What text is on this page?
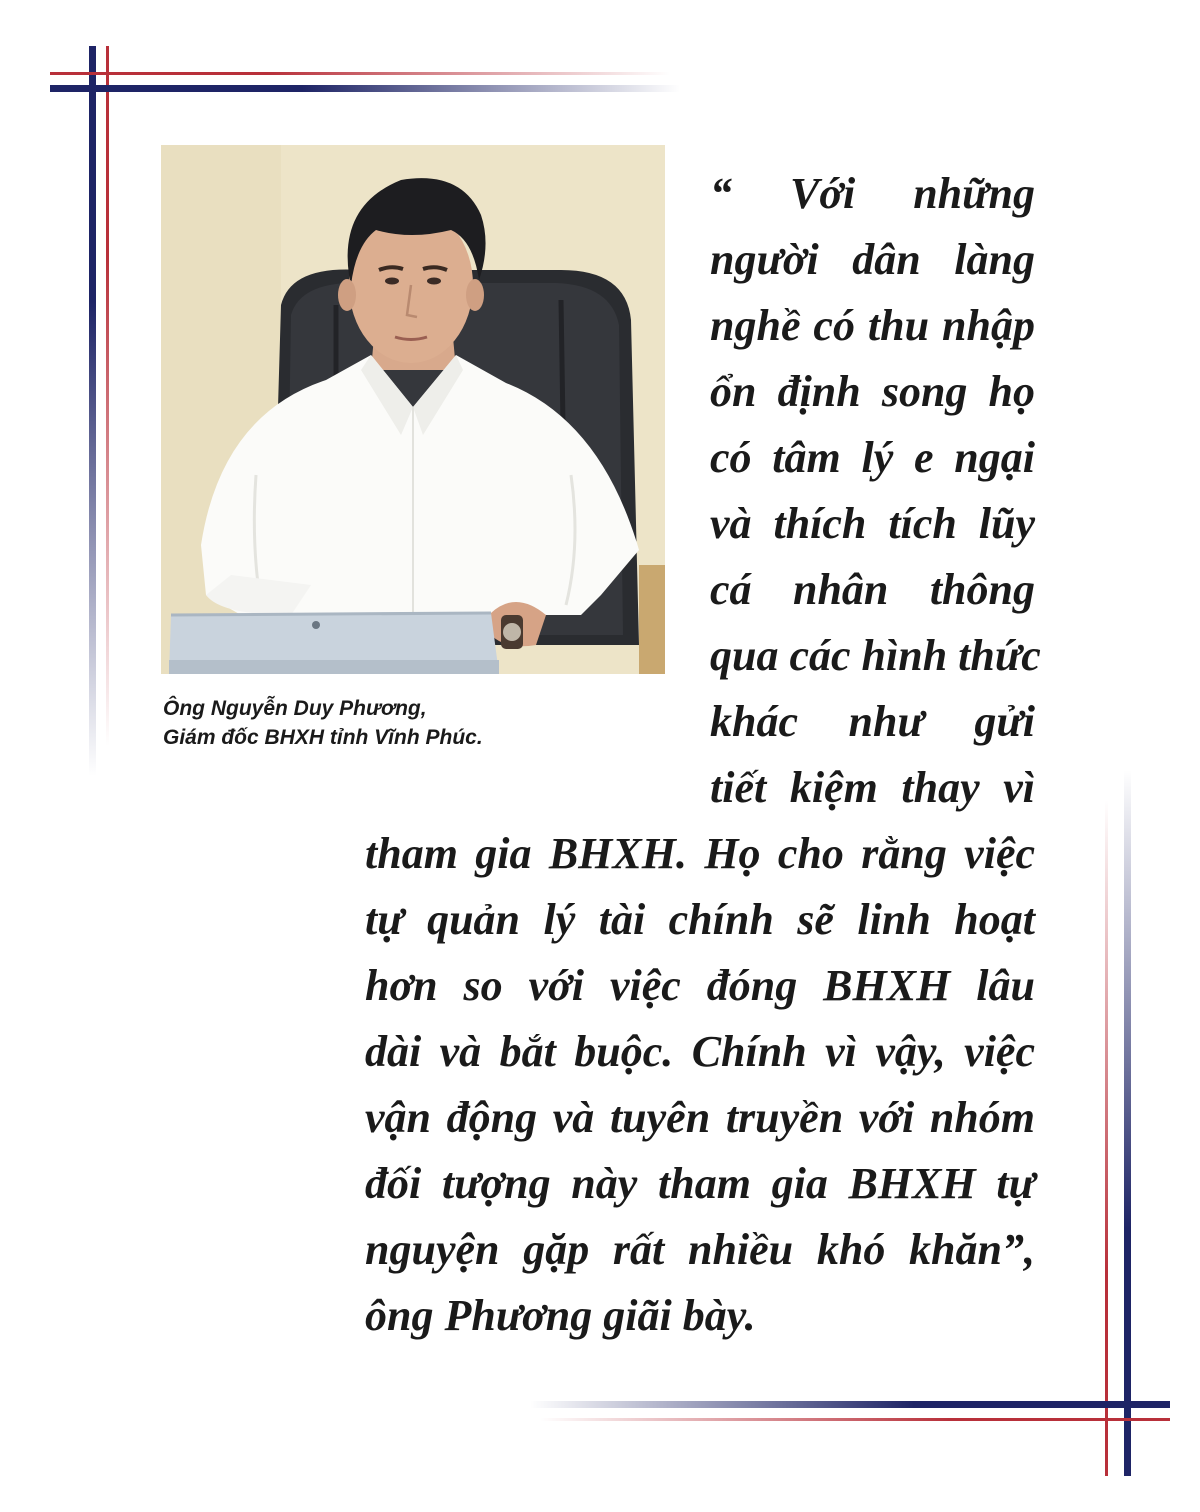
Ông Nguyễn Duy Phương,
Giám đốc BHXH tỉnh Vĩnh Phúc.
“ Với những
người dân làng
nghề có thu nhập
ổn định song họ
có tâm lý e ngại
và thích tích lũy
cá nhân thông
qua các hình thức
khác như gửi
tiết kiệm thay vì
tham gia BHXH. Họ cho rằng việc
tự quản lý tài chính sẽ linh hoạt
hơn so với việc đóng BHXH lâu
dài và bắt buộc. Chính vì vậy, việc
vận động và tuyên truyền với nhóm
đối tượng này tham gia BHXH tự
nguyện gặp rất nhiều khó khăn”,
ông Phương giãi bày.
